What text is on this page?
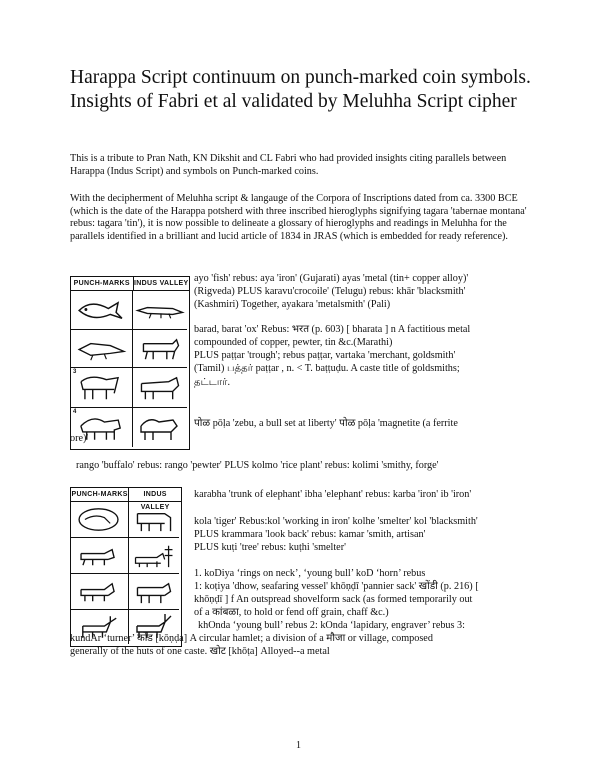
Harappa Script continuum on punch-marked coin symbols. Insights of Fabri et al validated by Meluhha Script cipher

This is a tribute to Pran Nath, KN Dikshit and CL Fabri who had provided insights citing parallels between Harappa (Indus Script) and symbols on Punch-marked coins.

With the decipherment of Meluhha script & langauge of the Corpora of Inscriptions dated from ca. 3300 BCE (which is the date of the Harappa potsherd with three inscribed hieroglyphs signifying tagara 'tabernae montana' rebus: tagara 'tin'), it is now possible to delineate a glossary of hieroglyphs and readings in Meluhha for the parallels identified in a brilliant and lucid article of 1834 in JRAS (which is embedded for ready reference).

PUNCH-MARKS INDUS VALLEY
3
4
ayo 'fish' rebus: aya 'iron' (Gujarati) ayas 'metal (tin+ copper alloy)'
(Rigveda) PLUS karavu'crocoile' (Telugu) rebus: khār 'blacksmith'
(Kashmiri) Together, ayakara 'metalsmith' (Pali)
barad, barat 'ox' Rebus: भरत (p. 603) [ bharata ] n A factitious metal
compounded of copper, pewter, tin &c.(Marathi)
PLUS paṭṭar 'trough'; rebus paṭṭar, vartaka 'merchant, goldsmith'
(Tamil) பத்தர் paṭṭar , n. < T. baṭṭuḍu. A caste title of goldsmiths;
தட்டார்.
पोळ pōḷa 'zebu, a bull set at liberty' पोळ pōḷa 'magnetite (a ferrite
ore)'
rango 'buffalo' rebus: rango 'pewter' PLUS kolmo 'rice plant' rebus: kolimi 'smithy, forge'
PUNCH-MARKS	INDUS VALLEY
karabha 'trunk of elephant' ibha 'elephant' rebus: karba 'iron' ib 'iron'
kola 'tiger' Rebus:kol 'working in iron' kolhe 'smelter' kol 'blacksmith'
PLUS krammara 'look back' rebus: kamar 'smith, artisan'
PLUS kuṭi 'tree' rebus: kuṭhi 'smelter'
1. koDiya ‘rings on neck’, ‘young bull’ koD ‘horn’ rebus
1: koṭiya 'dhow, seafaring vessel' khōṇḍī 'pannier sack' खोंडी (p. 216) [
khōṇḍī ] f An outspread shovelform sack (as formed temporarily out
of a कांबळा, to hold or fend off grain, chaff &c.)
khOnda ‘young bull’ rebus 2: kOnda ‘lapidary, engraver’ rebus 3:
kundAr ‘turner’ कोंड [kōṇḍa] A circular hamlet; a division of a मौजा or village, composed
generally of the huts of one caste. खोट [khōṭa] Alloyed--a metal
1
